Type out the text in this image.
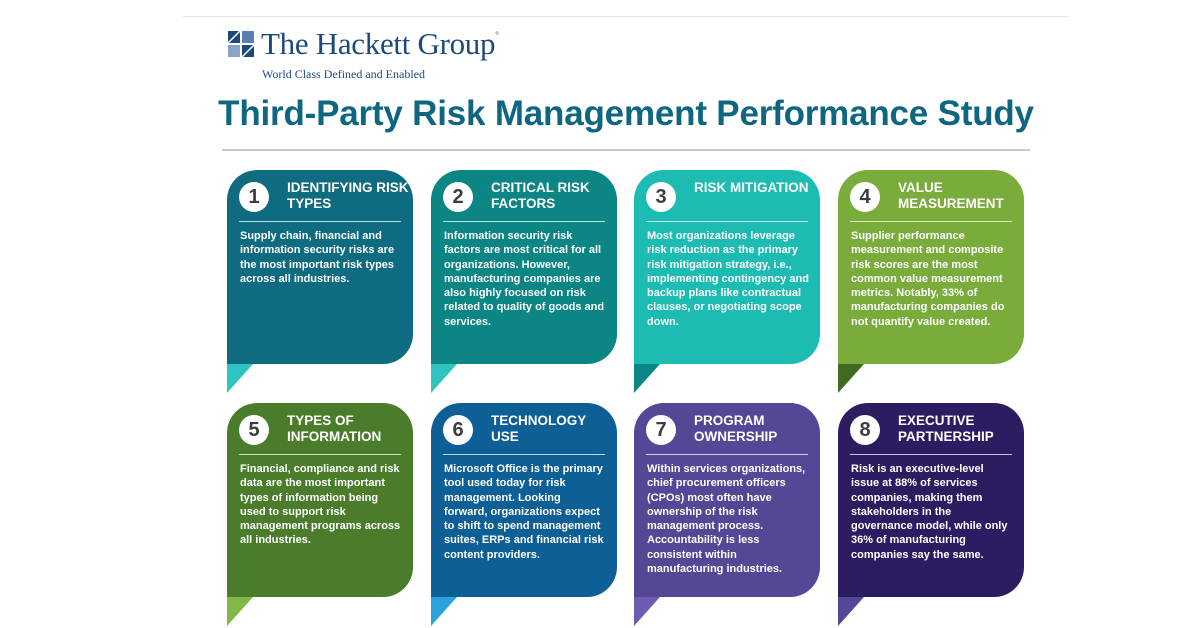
The Hackett Group°
World Class Defined and Enabled
Third-Party Risk Management Performance Study
1	IDENTIFYING RISK TYPES
Supply chain, financial and information security risks are the most important risk types across all industries.
2	CRITICAL RISK FACTORS
Information security risk factors are most critical for all organizations. However, manufacturing companies are also highly focused on risk related to quality of goods and services.
3	RISK MITIGATION
Most organizations leverage risk reduction as the primary risk mitigation strategy, i.e., implementing contingency and backup plans like contractual clauses, or negotiating scope down.
4	VALUE MEASUREMENT
Supplier performance measurement and composite risk scores are the most common value measurement metrics. Notably, 33% of manufacturing companies do not quantify value created.
5	TYPES OF INFORMATION
Financial, compliance and risk data are the most important types of information being used to support risk management programs across all industries.
6	TECHNOLOGY USE
Microsoft Office is the primary tool used today for risk management. Looking forward, organizations expect to shift to spend management suites, ERPs and financial risk content providers.
7	PROGRAM OWNERSHIP
Within services organizations, chief procurement officers (CPOs) most often have ownership of the risk management process. Accountability is less consistent within manufacturing industries.
8	EXECUTIVE PARTNERSHIP
Risk is an executive-level issue at 88% of services companies, making them stakeholders in the governance model, while only 36% of manufacturing companies say the same.
